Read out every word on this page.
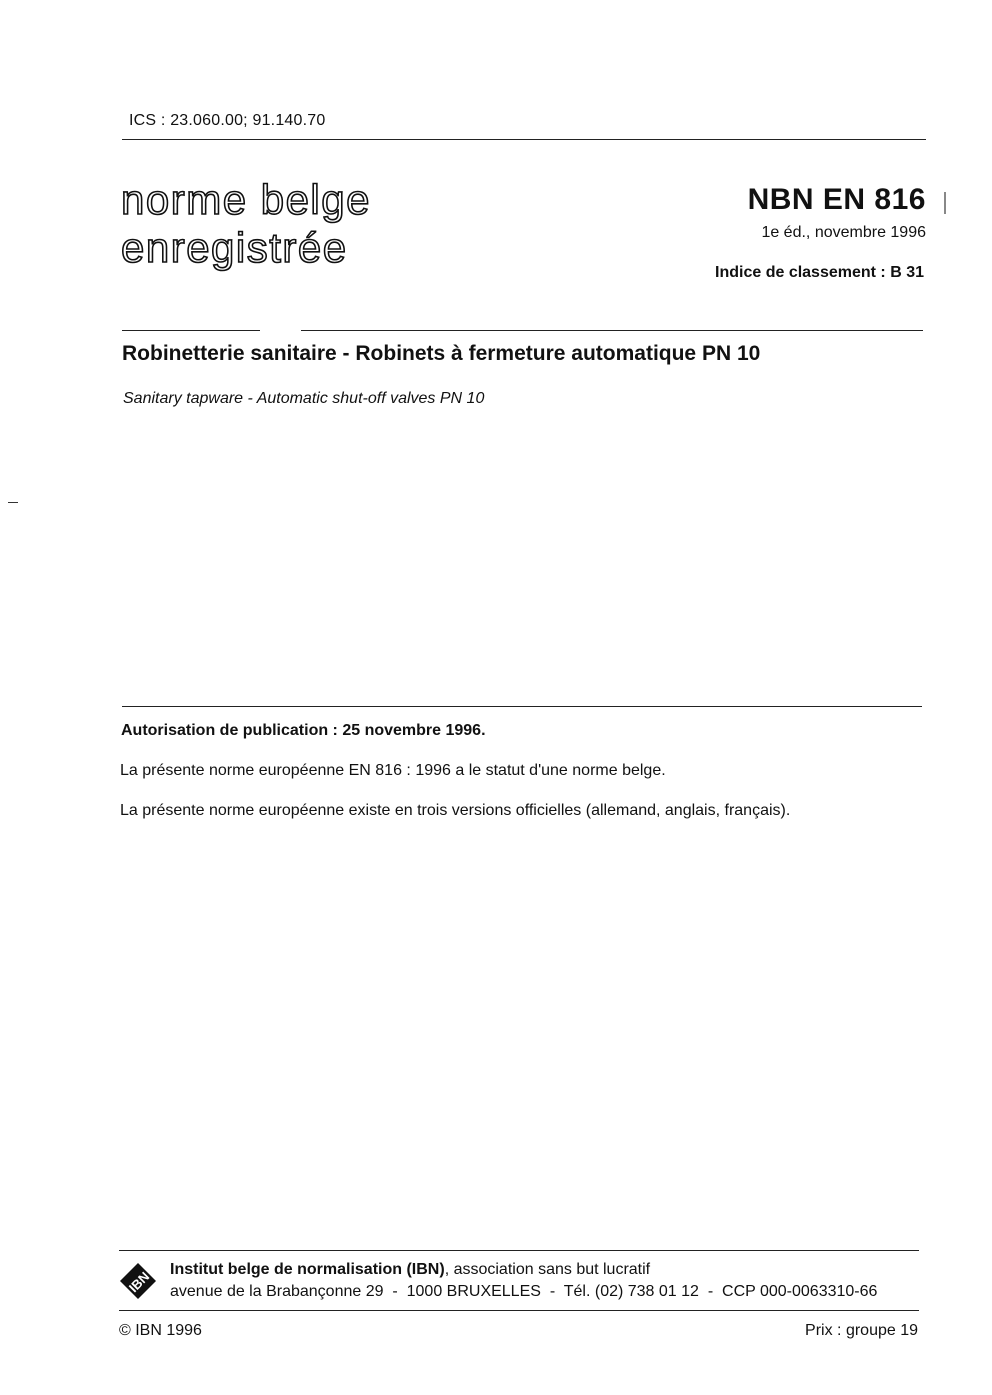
ICS : 23.060.00; 91.140.70
norme belge
enregistrée
NBN EN 816
1e éd., novembre 1996
Indice de classement : B 31
Robinetterie sanitaire - Robinets à fermeture automatique PN 10
Sanitary tapware - Automatic shut-off valves PN 10
Autorisation de publication : 25 novembre 1996.
La présente norme européenne EN 816 : 1996 a le statut d'une norme belge.
La présente norme européenne existe en trois versions officielles (allemand, anglais, français).
IBN Institut belge de normalisation (IBN), association sans but lucratif
avenue de la Brabançonne 29  -  1000 BRUXELLES  -  Tél. (02) 738 01 12  -  CCP 000-0063310-66
© IBN 1996	Prix : groupe 19
